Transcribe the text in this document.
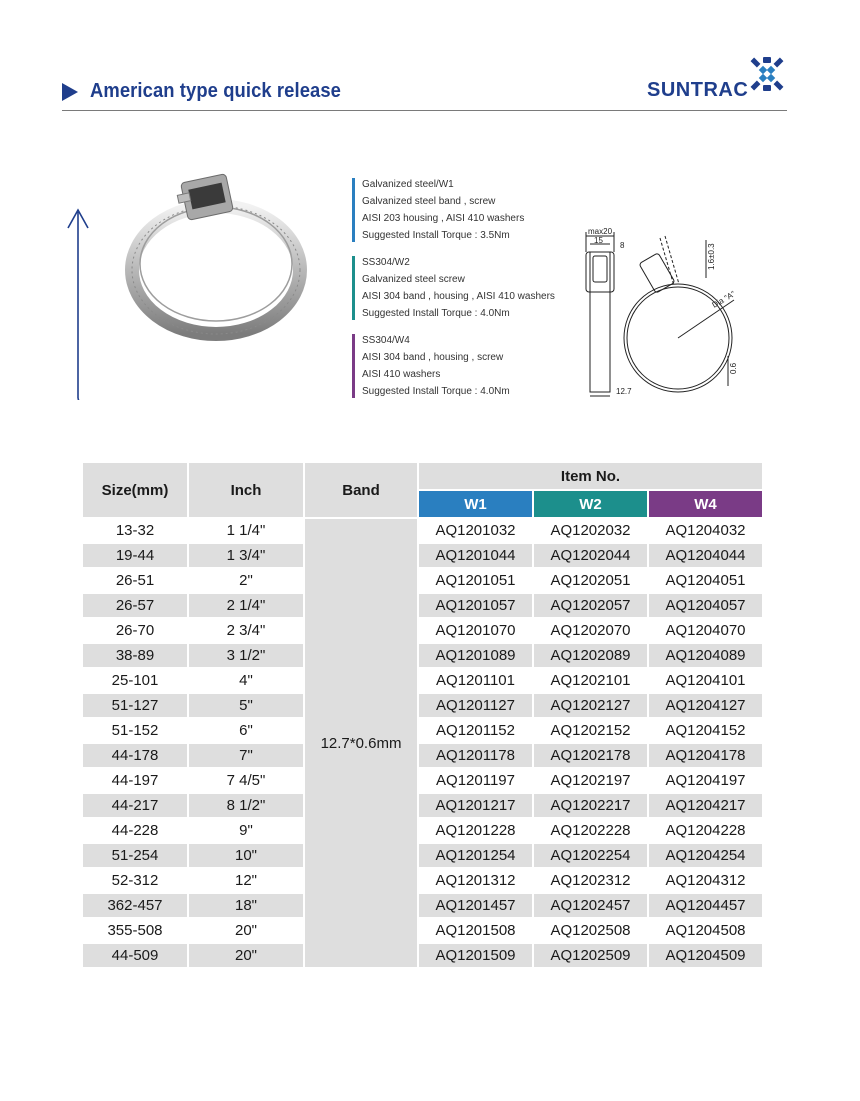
American type quick release	SUNTRAC
Galvanized steel/W1
Galvanized steel band , screw
AISI 203 housing , AISI 410 washers
Suggested Install Torque : 3.5Nm
SS304/W2
Galvanized steel screw
AISI 304 band , housing , AISI 410 washers
Suggested Install Torque : 4.0Nm
SS304/W4
AISI 304 band , housing , screw
AISI 410 washers
Suggested Install Torque : 4.0Nm
max20
15
8	1.6±0.3
Dia "A"
0.6
12.7
Size(mm)	Inch	Band	Item No.		
			W1	W2	W4
13-32	1 1/4"	12.7*0.6mm	AQ1201032	AQ1202032	AQ1204032
19-44	1 3/4"		AQ1201044	AQ1202044	AQ1204044
26-51	2"		AQ1201051	AQ1202051	AQ1204051
26-57	2 1/4"		AQ1201057	AQ1202057	AQ1204057
26-70	2 3/4"		AQ1201070	AQ1202070	AQ1204070
38-89	3 1/2"		AQ1201089	AQ1202089	AQ1204089
25-101	4"		AQ1201101	AQ1202101	AQ1204101
51-127	5"		AQ1201127	AQ1202127	AQ1204127
51-152	6"		AQ1201152	AQ1202152	AQ1204152
44-178	7"		AQ1201178	AQ1202178	AQ1204178
44-197	7 4/5"		AQ1201197	AQ1202197	AQ1204197
44-217	8 1/2"		AQ1201217	AQ1202217	AQ1204217
44-228	9"		AQ1201228	AQ1202228	AQ1204228
51-254	10"		AQ1201254	AQ1202254	AQ1204254
52-312	12"		AQ1201312	AQ1202312	AQ1204312
362-457	18"		AQ1201457	AQ1202457	AQ1204457
355-508	20"		AQ1201508	AQ1202508	AQ1204508
44-509	20"		AQ1201509	AQ1202509	AQ1204509
